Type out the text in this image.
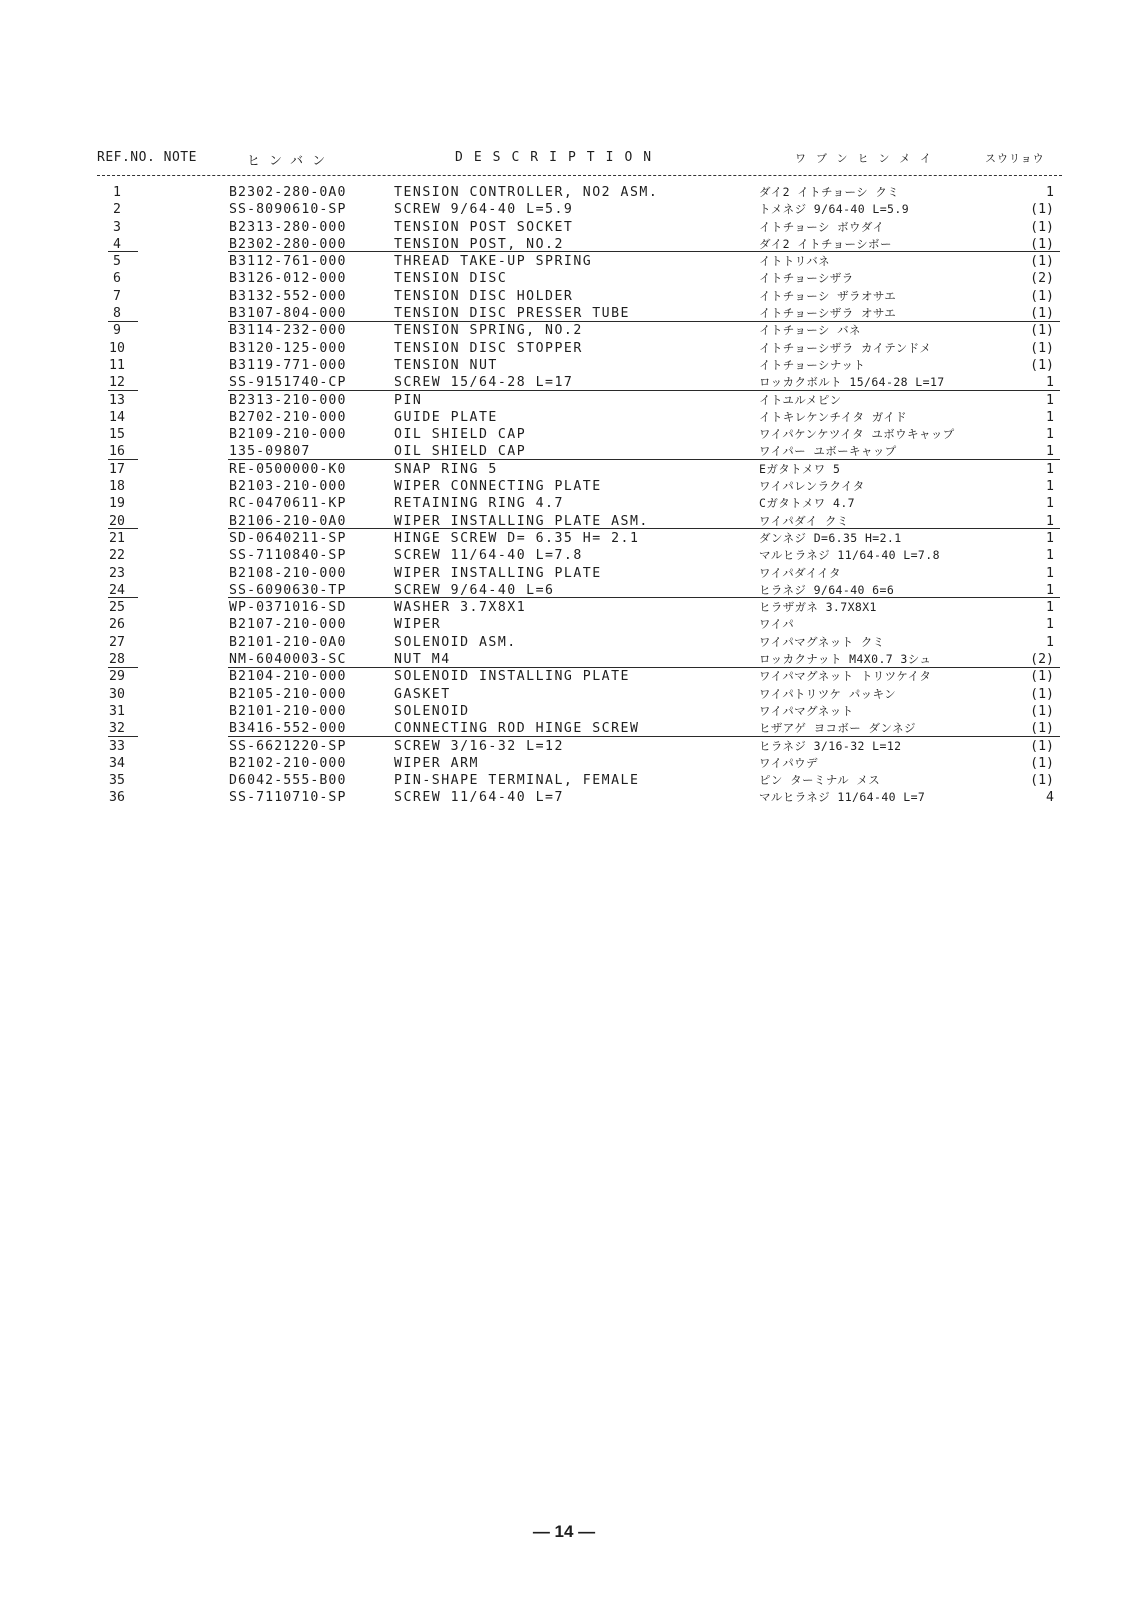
REF.NO. NOTE	ヒンバン	DESCRIPTION	ワブンヒンメイ	スウリョウ
1	B2302-280-0A0	TENSION CONTROLLER, NO2 ASM.	ダイ2 イトチョーシ クミ	1
2	SS-8090610-SP	SCREW 9/64-40 L=5.9	トメネジ 9/64-40 L=5.9	(1)
3	B2313-280-000	TENSION POST SOCKET	イトチョーシ ボウダイ	(1)
4	B2302-280-000	TENSION POST, NO.2	ダイ2 イトチョーシボー	(1)
5	B3112-761-000	THREAD TAKE-UP SPRING	イトトリバネ	(1)
6	B3126-012-000	TENSION DISC	イトチョーシザラ	(2)
7	B3132-552-000	TENSION DISC HOLDER	イトチョーシ ザラオサエ	(1)
8	B3107-804-000	TENSION DISC PRESSER TUBE	イトチョーシザラ オサエ	(1)
9	B3114-232-000	TENSION SPRING, NO.2	イトチョーシ バネ	(1)
10	B3120-125-000	TENSION DISC STOPPER	イトチョーシザラ カイテンドメ	(1)
11	B3119-771-000	TENSION NUT	イトチョーシナット	(1)
12	SS-9151740-CP	SCREW 15/64-28 L=17	ロッカクボルト 15/64-28 L=17	1
13	B2313-210-000	PIN	イトユルメピン	1
14	B2702-210-000	GUIDE PLATE	イトキレケンチイタ ガイド	1
15	B2109-210-000	OIL SHIELD CAP	ワイパケンケツイタ ユボウキャップ	1
16	135-09807	OIL SHIELD CAP	ワイパー ユボーキャップ	1
17	RE-0500000-K0	SNAP RING 5	Eガタトメワ 5	1
18	B2103-210-000	WIPER CONNECTING PLATE	ワイパレンラクイタ	1
19	RC-0470611-KP	RETAINING RING 4.7	Cガタトメワ 4.7	1
20	B2106-210-0A0	WIPER INSTALLING PLATE ASM.	ワイパダイ クミ	1
21	SD-0640211-SP	HINGE SCREW D= 6.35 H= 2.1	ダンネジ D=6.35 H=2.1	1
22	SS-7110840-SP	SCREW 11/64-40 L=7.8	マルヒラネジ 11/64-40 L=7.8	1
23	B2108-210-000	WIPER INSTALLING PLATE	ワイパダイイタ	1
24	SS-6090630-TP	SCREW 9/64-40 L=6	ヒラネジ 9/64-40 6=6	1
25	WP-0371016-SD	WASHER 3.7X8X1	ヒラザガネ 3.7X8X1	1
26	B2107-210-000	WIPER	ワイパ	1
27	B2101-210-0A0	SOLENOID ASM.	ワイパマグネット クミ	1
28	NM-6040003-SC	NUT M4	ロッカクナット M4X0.7 3シュ	(2)
29	B2104-210-000	SOLENOID INSTALLING PLATE	ワイパマグネット トリツケイタ	(1)
30	B2105-210-000	GASKET	ワイパトリツケ パッキン	(1)
31	B2101-210-000	SOLENOID	ワイパマグネット	(1)
32	B3416-552-000	CONNECTING ROD HINGE SCREW	ヒザアゲ ヨコボー ダンネジ	(1)
33	SS-6621220-SP	SCREW 3/16-32 L=12	ヒラネジ 3/16-32 L=12	(1)
34	B2102-210-000	WIPER ARM	ワイパウデ	(1)
35	D6042-555-B00	PIN-SHAPE TERMINAL, FEMALE	ピン ターミナル メス	(1)
36	SS-7110710-SP	SCREW 11/64-40 L=7	マルヒラネジ 11/64-40 L=7	4
— 14 —
